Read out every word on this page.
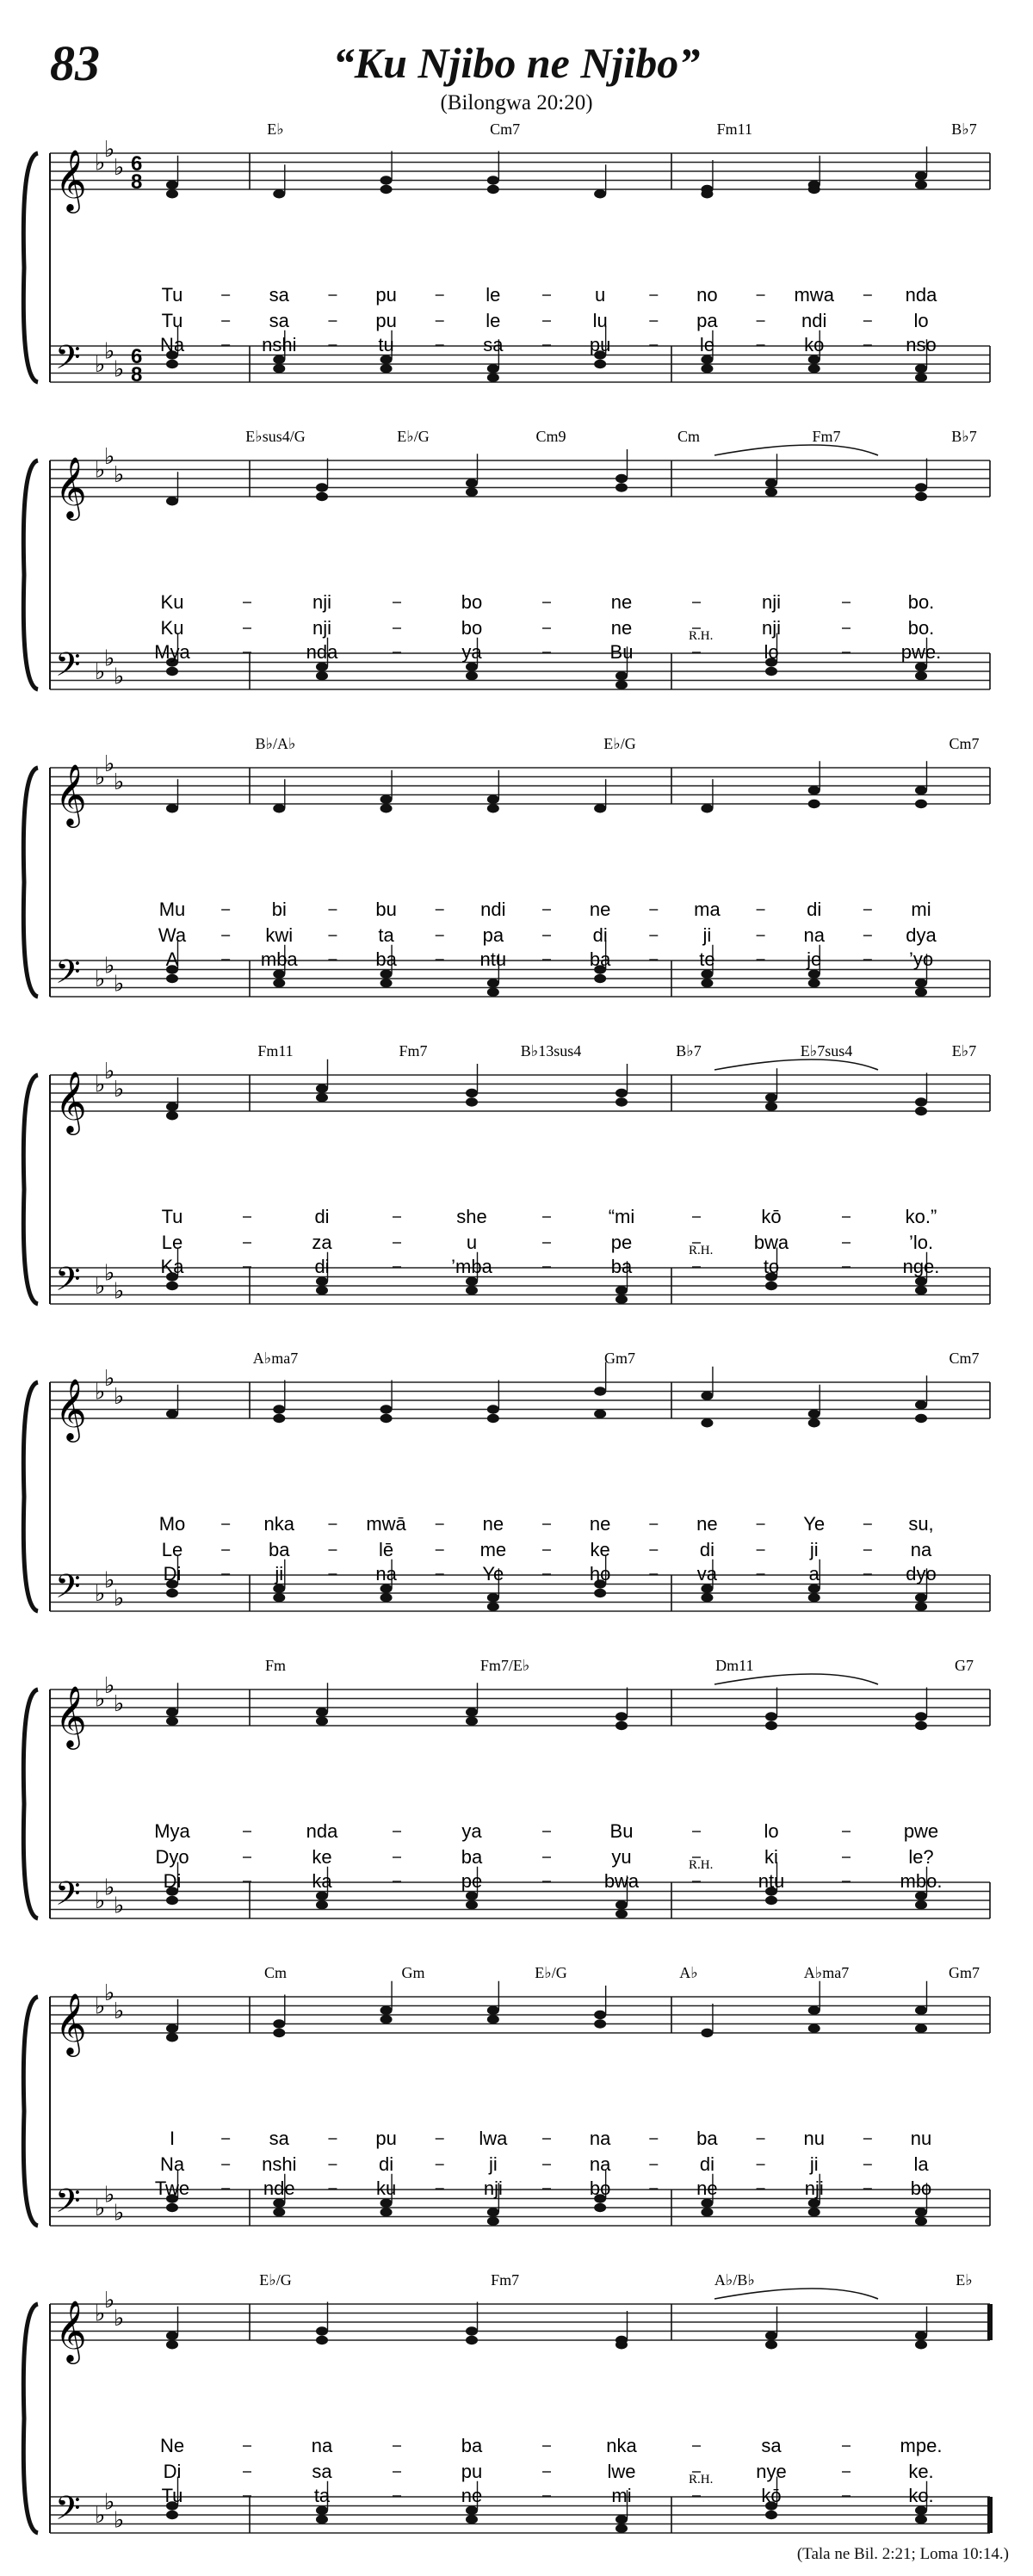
83	“Ku Njibo ne Njibo”
(Bilongwa 20:20)
𝄞 ♭
♭
♭
𝄢 ♭
♭
♭
6
8
6
8
E♭	Cm7	Fm11	B♭7
Tu
Tu
Na
sa
sa
nshi
pu
pu
tu
le
le
sa
u
lu
pu
no
pa
le
mwa
ndi
ko
nda
lo
nso
𝄞 ♭
♭
♭
𝄢 ♭
♭
♭
E♭sus4/G	E♭/G	Cm9	Cm	Fm7	B♭7
Ku
Ku
Mya
nji
nji
nda
bo
bo
ya
ne
ne
Bu
nji
nji
lo
bo.
bo.
pwe.
R.H.
𝄞 ♭
♭
♭
𝄢 ♭
♭
♭
B♭/A♭	E♭/G	Cm7
Mu
Wa
A
bi
kwi
mba
bu
ta
ba
ndi
pa
ntu
ne
di
ba
ma
ji
te
di
na
je
mi
dya
’yo
𝄞 ♭
♭
♭
𝄢 ♭
♭
♭
Fm11	Fm7	B♭13sus4	B♭7	E♭7sus4	E♭7
Tu
Le
Ka
di
za
di
she
u
’mba
“mi
pe
ba
kō
bwa
to
ko.”
’lo.
nge.
R.H.
𝄞 ♭
♭
♭
𝄢 ♭
♭
♭
A♭ma7	Gm7	Cm7
Mo
Le
Di
nka
ba
ji
mwā
lē
na
ne
me
Ye
ne
ke
ho
ne
di
va
Ye
ji
a
su,
na
dyo
𝄞 ♭
♭
♭
𝄢 ♭
♭
♭
Fm	Fm7/E♭	Dm11	G7
Mya
Dyo
Di
nda
ke
ka
ya
ba
pe
Bu
yu
bwa
lo
ki
ntu
pwe
le?
mbo.
R.H.
𝄞 ♭
♭
♭
𝄢 ♭
♭
♭
Cm	Gm	E♭/G	A♭	A♭ma7	Gm7
I
Na
Twe
sa
nshi
nde
pu
di
ku
lwa
ji
nji
na
na
bo
ba
di
ne
nu
ji
nji
nu
la
bo
𝄞 ♭
♭
♭
𝄢 ♭
♭
♭
E♭/G	Fm7	A♭/B♭	E♭
Ne
Di
Tu
na
sa
ta
ba
pu
ne
nka
lwe
mi
sa
nye
kō
mpe.
ke.
ko.
R.H.
(Tala ne Bil. 2:21; Loma 10:14.)
